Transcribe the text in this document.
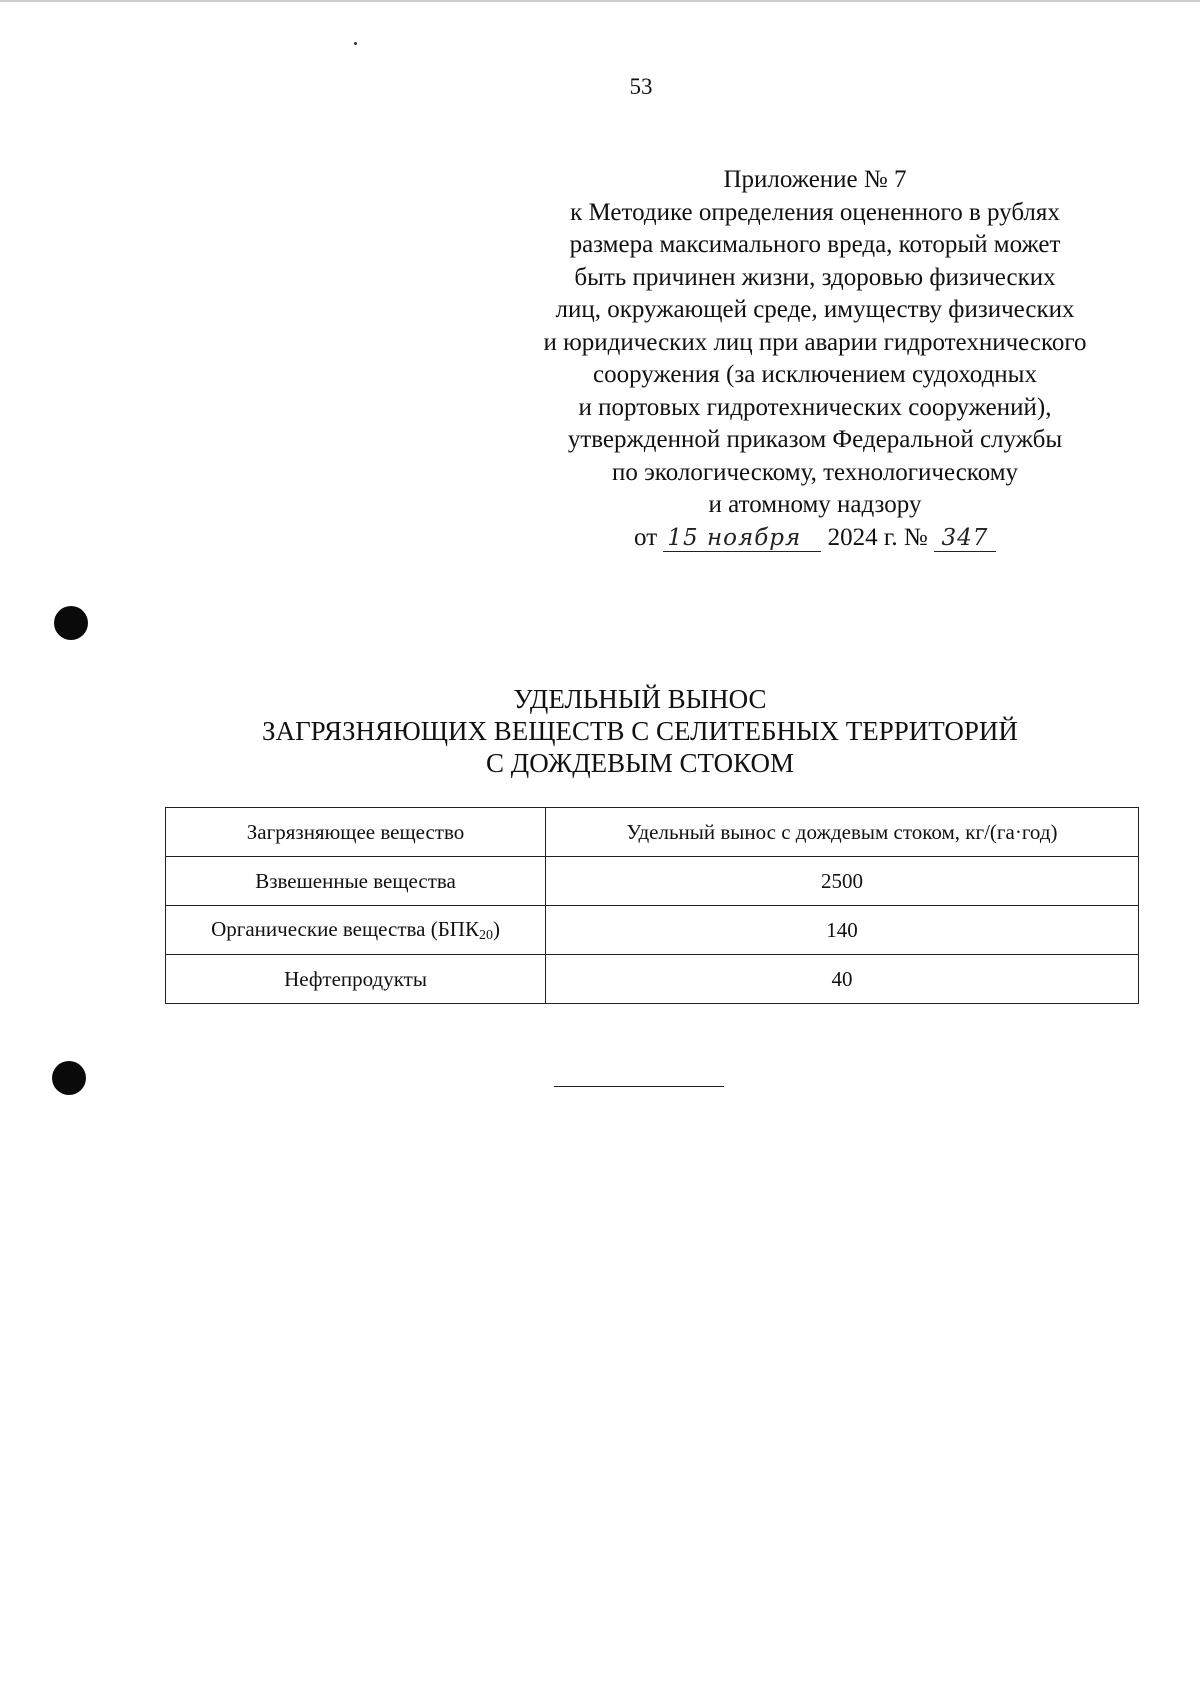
53
Приложение № 7
к Методике определения оцененного в рублях
размера максимального вреда, который может
быть причинен жизни, здоровью физических
лиц, окружающей среде, имуществу физических
и юридических лиц при аварии гидротехнического
сооружения (за исключением судоходных
и портовых гидротехнических сооружений),
утвержденной приказом Федеральной службы
по экологическому, технологическому
и атомному надзору
от 15 ноября 2024 г. № 347
УДЕЛЬНЫЙ ВЫНОС
ЗАГРЯЗНЯЮЩИХ ВЕЩЕСТВ С СЕЛИТЕБНЫХ ТЕРРИТОРИЙ
С ДОЖДЕВЫМ СТОКОМ
Загрязняющее вещество	Удельный вынос с дождевым стоком, кг/(га·год)
Взвешенные вещества	2500
Органические вещества $(БПК_{20})$	140
Нефтепродукты	40
